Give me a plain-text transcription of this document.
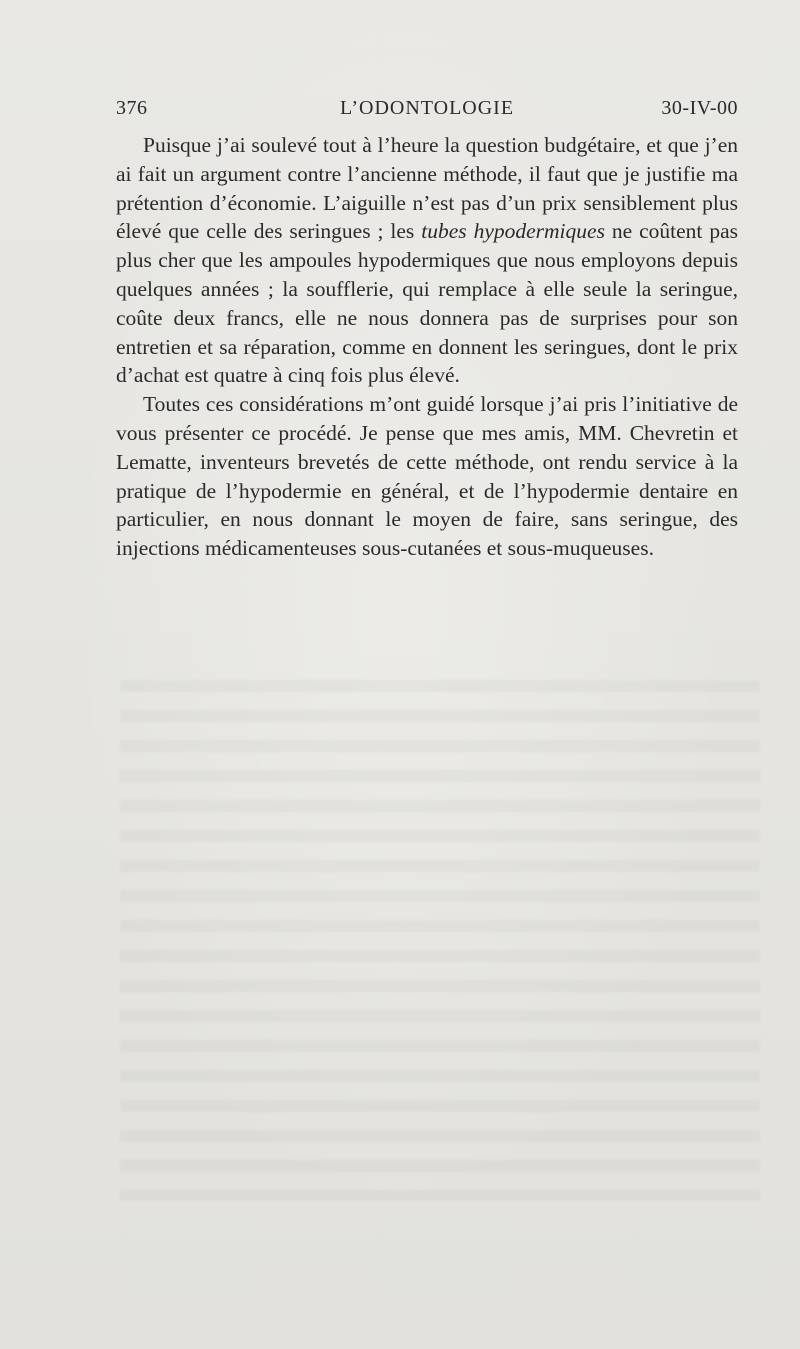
376	L’ODONTOLOGIE	30-IV-00

Puisque j’ai soulevé tout à l’heure la question budgétaire, et que j’en ai fait un argument contre l’ancienne méthode, il faut que je justifie ma prétention d’économie. L’aiguille n’est pas d’un prix sensiblement plus élevé que celle des seringues ; les tubes hypodermiques ne coûtent pas plus cher que les ampoules hypodermiques que nous employons depuis quelques années ; la soufflerie, qui remplace à elle seule la seringue, coûte deux francs, elle ne nous donnera pas de surprises pour son entretien et sa réparation, comme en donnent les seringues, dont le prix d’achat est quatre à cinq fois plus élevé.

Toutes ces considérations m’ont guidé lorsque j’ai pris l’initiative de vous présenter ce procédé. Je pense que mes amis, MM. Chevretin et Lematte, inventeurs brevetés de cette méthode, ont rendu service à la pratique de l’hypodermie en général, et de l’hypodermie dentaire en particulier, en nous donnant le moyen de faire, sans seringue, des injections médicamenteuses sous-cutanées et sous-muqueuses.
